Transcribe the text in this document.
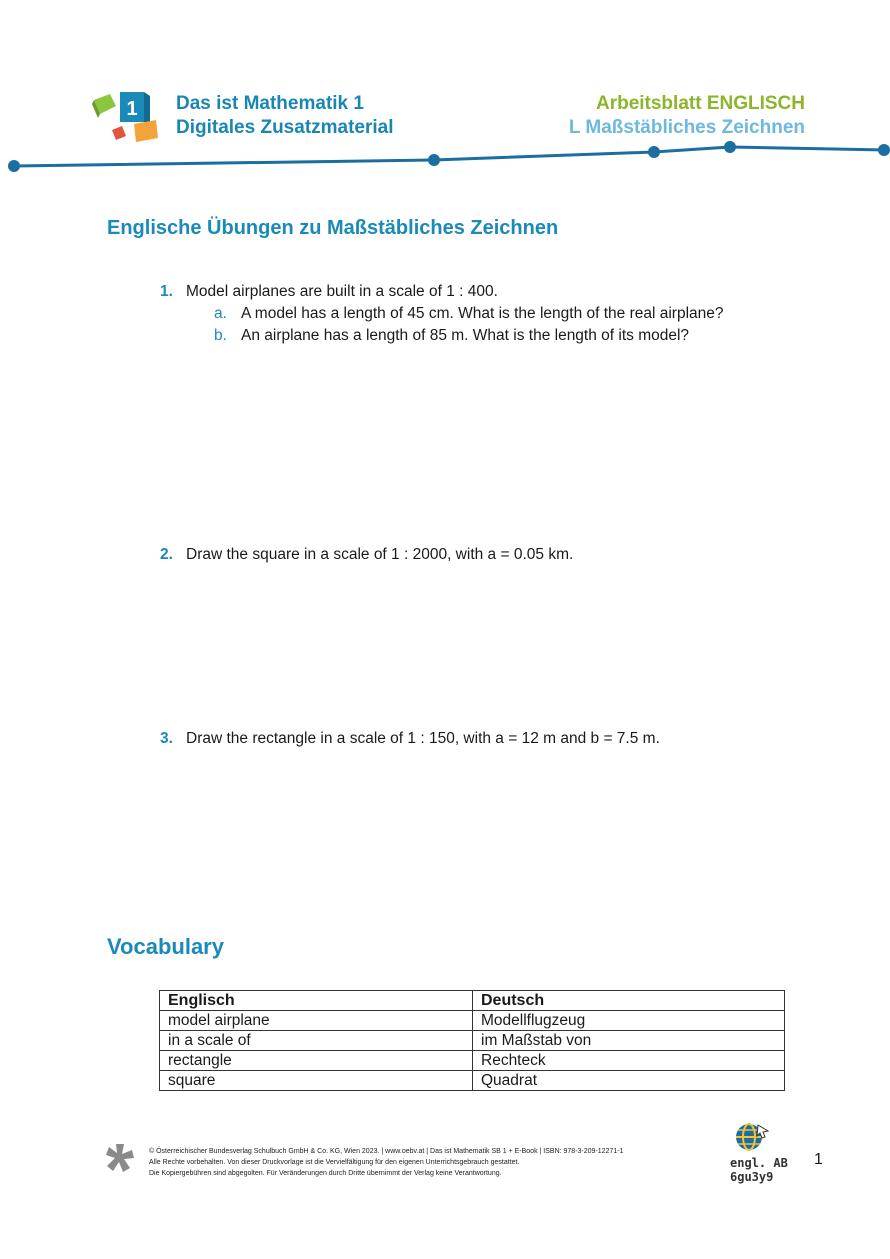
1 Das ist Mathematik 1
Digitales Zusatzmaterial
Arbeitsblatt ENGLISCH
L Maßstäbliches Zeichnen
Englische Übungen zu Maßstäbliches Zeichnen
1. Model airplanes are built in a scale of 1 : 400.
a. A model has a length of 45 cm. What is the length of the real airplane?
b. An airplane has a length of 85 m. What is the length of its model?
2. Draw the square in a scale of 1 : 2000, with a = 0.05 km.
3. Draw the rectangle in a scale of 1 : 150, with a = 12 m and b = 7.5 m.
Vocabulary
Englisch	Deutsch
model airplane	Modellflugzeug
in a scale of	im Maßstab von
rectangle	Rechteck
square	Quadrat
© Österreichischer Bundesverlag Schulbuch GmbH & Co. KG, Wien 2023. | www.oebv.at | Das ist Mathematik SB 1 + E-Book | ISBN: 978-3-209-12271-1
Alle Rechte vorbehalten. Von dieser Druckvorlage ist die Vervielfältigung für den eigenen Unterrichtsgebrauch gestattet.
Die Kopiergebühren sind abgegolten. Für Veränderungen durch Dritte übernimmt der Verlag keine Verantwortung.
engl. AB
6gu3y9
1
